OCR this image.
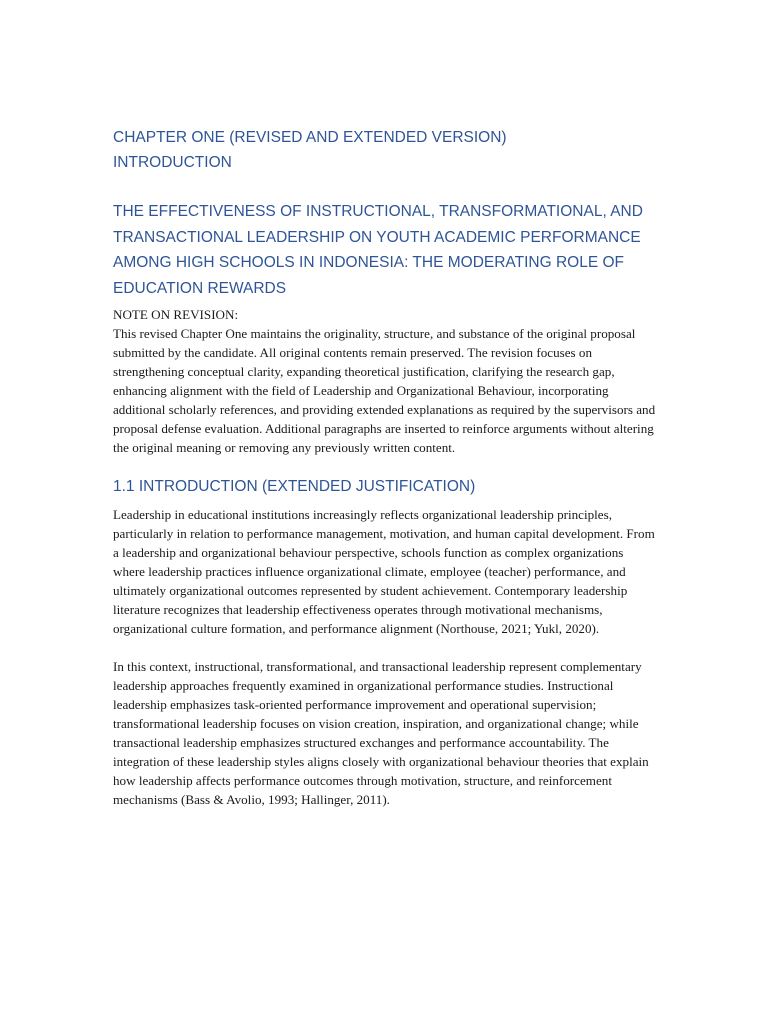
CHAPTER ONE (REVISED AND EXTENDED VERSION)

INTRODUCTION

THE EFFECTIVENESS OF INSTRUCTIONAL, TRANSFORMATIONAL, AND TRANSACTIONAL LEADERSHIP ON YOUTH ACADEMIC PERFORMANCE AMONG HIGH SCHOOLS IN INDONESIA: THE MODERATING ROLE OF EDUCATION REWARDS

NOTE ON REVISION:

This revised Chapter One maintains the originality, structure, and substance of the original proposal submitted by the candidate. All original contents remain preserved. The revision focuses on strengthening conceptual clarity, expanding theoretical justification, clarifying the research gap, enhancing alignment with the field of Leadership and Organizational Behaviour, incorporating additional scholarly references, and providing extended explanations as required by the supervisors and proposal defense evaluation. Additional paragraphs are inserted to reinforce arguments without altering the original meaning or removing any previously written content.

1.1 INTRODUCTION (EXTENDED JUSTIFICATION)

Leadership in educational institutions increasingly reflects organizational leadership principles, particularly in relation to performance management, motivation, and human capital development. From a leadership and organizational behaviour perspective, schools function as complex organizations where leadership practices influence organizational climate, employee (teacher) performance, and ultimately organizational outcomes represented by student achievement. Contemporary leadership literature recognizes that leadership effectiveness operates through motivational mechanisms, organizational culture formation, and performance alignment (Northouse, 2021; Yukl, 2020).

In this context, instructional, transformational, and transactional leadership represent complementary leadership approaches frequently examined in organizational performance studies. Instructional leadership emphasizes task-oriented performance improvement and operational supervision; transformational leadership focuses on vision creation, inspiration, and organizational change; while transactional leadership emphasizes structured exchanges and performance accountability. The integration of these leadership styles aligns closely with organizational behaviour theories that explain how leadership affects performance outcomes through motivation, structure, and reinforcement mechanisms (Bass & Avolio, 1993; Hallinger, 2011).
